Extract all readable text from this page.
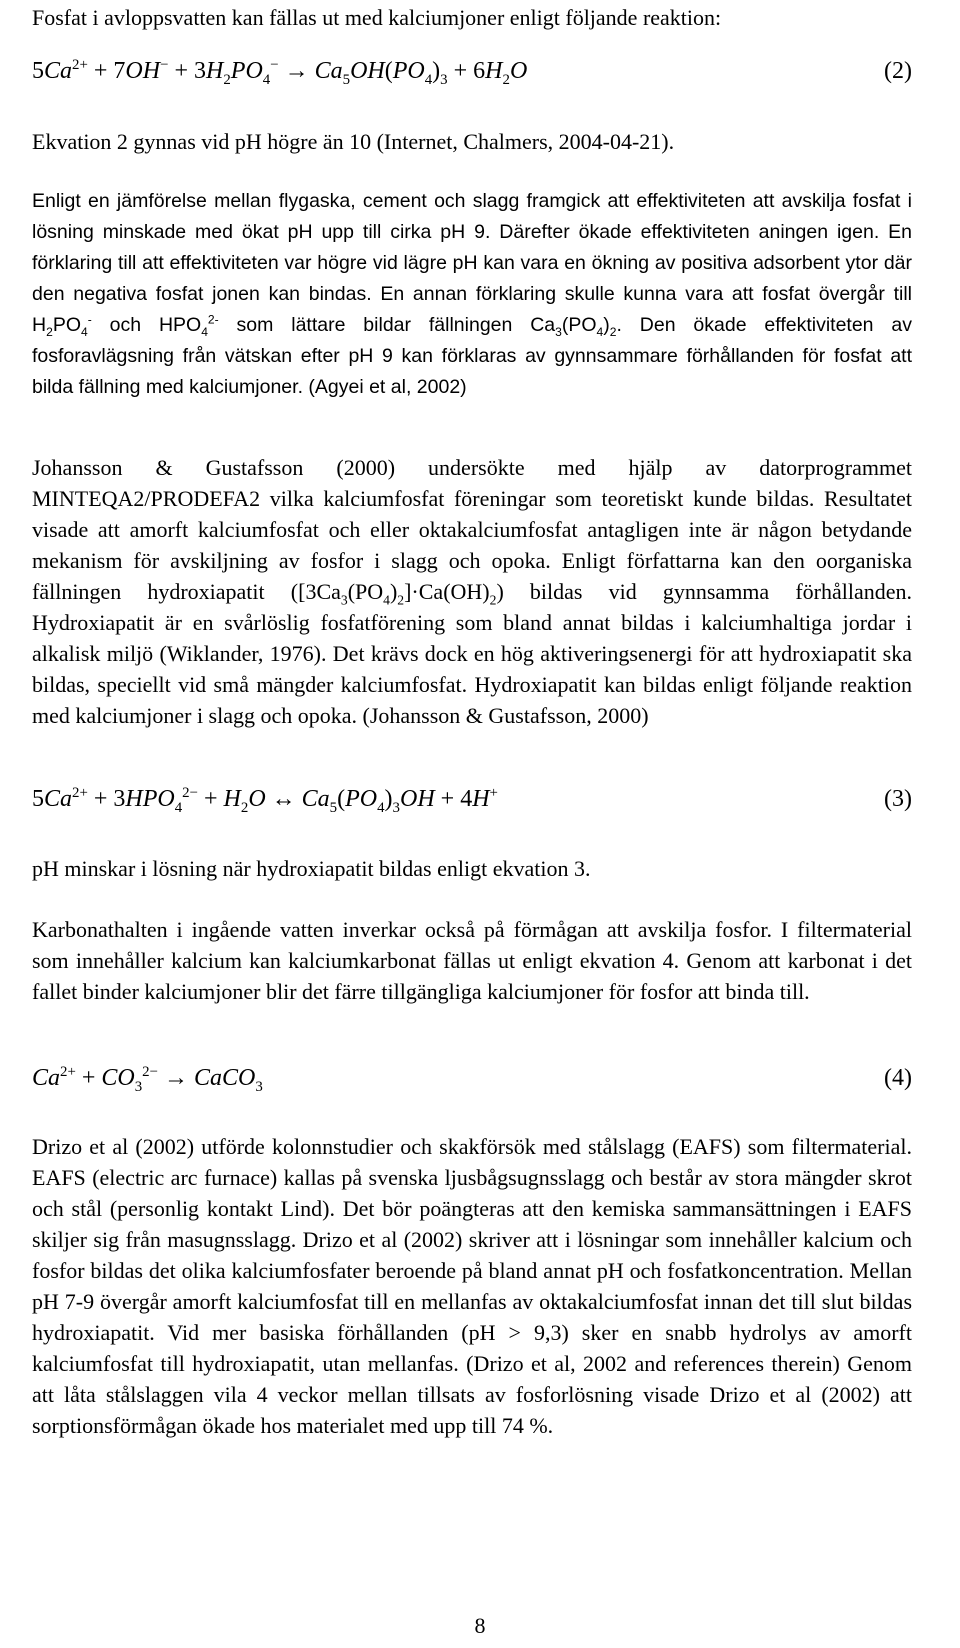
Fosfat i avloppsvatten kan fällas ut med kalciumjoner enligt följande reaktion:

$5Ca^{2+} + 7OH^- + 3H_2PO_4^- \to Ca_5OH(PO_4)_3 + 6H_2O$	(2)

Ekvation 2 gynnas vid pH högre än 10 (Internet, Chalmers, 2004-04-21).

Enligt en jämförelse mellan flygaska, cement och slagg framgick att effektiviteten att avskilja fosfat i lösning minskade med ökat pH upp till cirka pH 9. Därefter ökade effektiviteten aningen igen. En förklaring till att effektiviteten var högre vid lägre pH kan vara en ökning av positiva adsorbent ytor där den negativa fosfat jonen kan bindas. En annan förklaring skulle kunna vara att fosfat övergår till $H_2PO_4^-$ och $HPO_4^{2-}$ som lättare bildar fällningen $Ca_3(PO_4)_2$. Den ökade effektiviteten av fosforavlägsning från vätskan efter pH 9 kan förklaras av gynnsammare förhållanden för fosfat att bilda fällning med kalciumjoner. (Agyei et al, 2002)

Johansson & Gustafsson (2000) undersökte med hjälp av datorprogrammet MINTEQA2/PRODEFA2 vilka kalciumfosfat föreningar som teoretiskt kunde bildas. Resultatet visade att amorft kalciumfosfat och eller oktakalciumfosfat antagligen inte är någon betydande mekanism för avskiljning av fosfor i slagg och opoka. Enligt författarna kan den oorganiska fällningen hydroxiapatit $([3Ca_3(PO_4)_2]\cdot Ca(OH)_2)$ bildas vid gynnsamma förhållanden. Hydroxiapatit är en svårlöslig fosfatförening som bland annat bildas i kalciumhaltiga jordar i alkalisk miljö (Wiklander, 1976). Det krävs dock en hög aktiveringsenergi för att hydroxiapatit ska bildas, speciellt vid små mängder kalciumfosfat. Hydroxiapatit kan bildas enligt följande reaktion med kalciumjoner i slagg och opoka. (Johansson & Gustafsson, 2000)

$5Ca^{2+} + 3HPO_4^{2-} + H_2O$ ↔ $Ca_5(PO_4)_3OH + 4H^+$	(3)

pH minskar i lösning när hydroxiapatit bildas enligt ekvation 3.

Karbonathalten i ingående vatten inverkar också på förmågan att avskilja fosfor. I filtermaterial som innehåller kalcium kan kalciumkarbonat fällas ut enligt ekvation 4. Genom att karbonat i det fallet binder kalciumjoner blir det färre tillgängliga kalciumjoner för fosfor att binda till.

$Ca^{2+} + CO_3^{2-}$ → CaCO$_3$	(4)

Drizo et al (2002) utförde kolonnstudier och skakförsök med stålslagg (EAFS) som filtermaterial. EAFS (electric arc furnace) kallas på svenska ljusbågsugnsslagg och består av stora mängder skrot och stål (personlig kontakt Lind). Det bör poängteras att den kemiska sammansättningen i EAFS skiljer sig från masugnsslagg. Drizo et al (2002) skriver att i lösningar som innehåller kalcium och fosfor bildas det olika kalciumfosfater beroende på bland annat pH och fosfatkoncentration. Mellan pH 7-9 övergår amorft kalciumfosfat till en mellanfas av oktakalciumfosfat innan det till slut bildas hydroxiapatit. Vid mer basiska förhållanden (pH > 9,3) sker en snabb hydrolys av amorft kalciumfosfat till hydroxiapatit, utan mellanfas. (Drizo et al, 2002 and references therein) Genom att låta stålslaggen vila 4 veckor mellan tillsats av fosforlösning visade Drizo et al (2002) att sorptionsförmågan ökade hos materialet med upp till 74 %.

8
